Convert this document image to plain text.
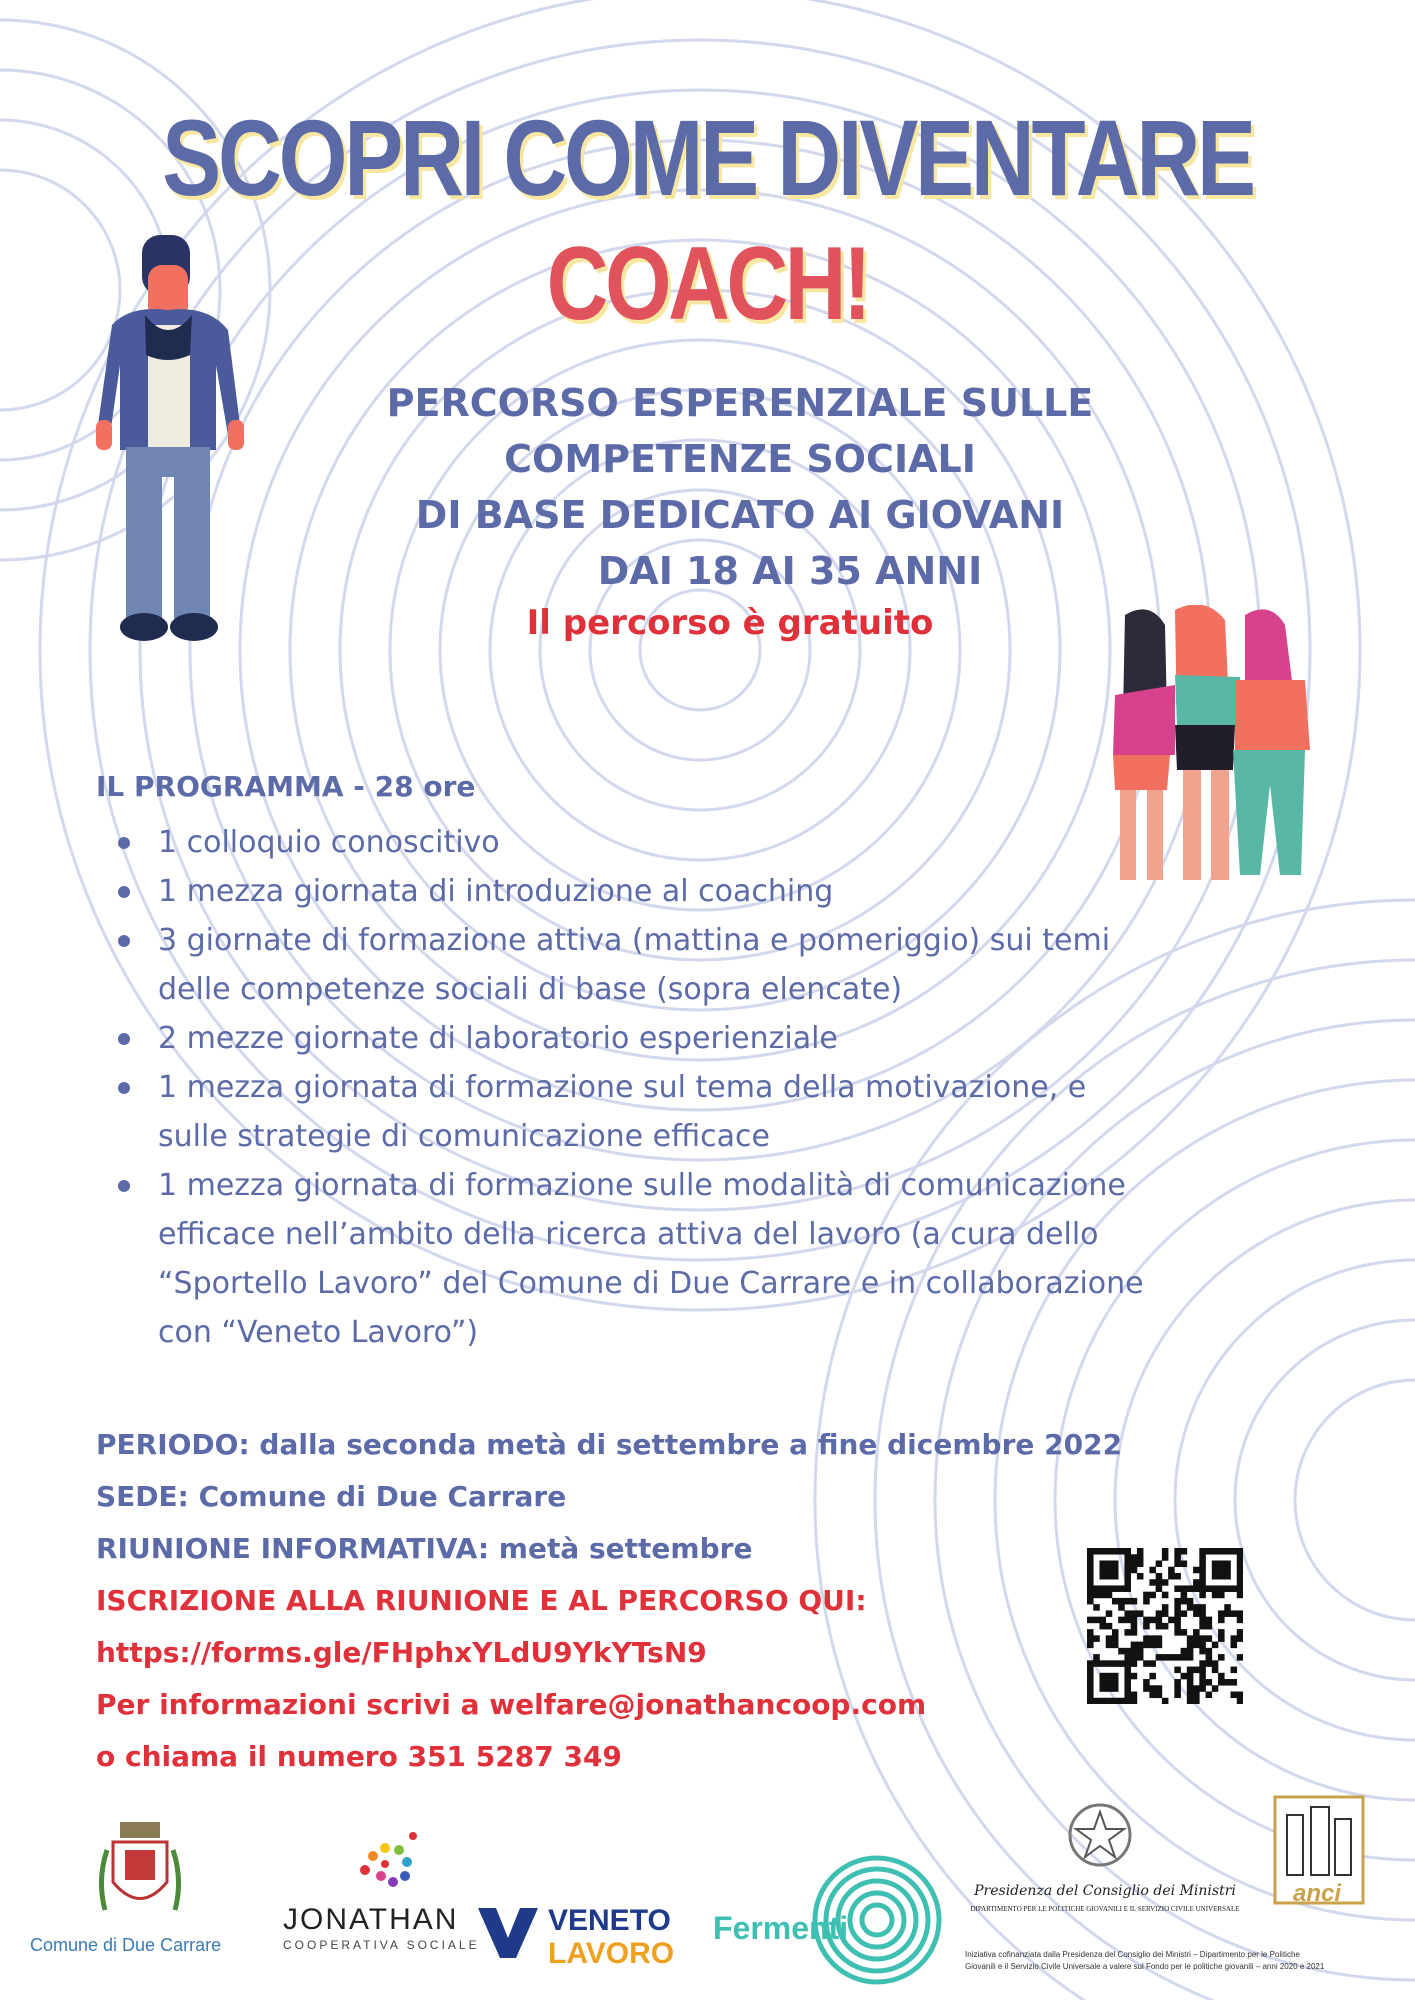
SCOPRI COME DIVENTARE
COACH!

PERCORSO ESPERENZIALE SULLE

COMPETENZE SOCIALI

DI BASE DEDICATO AI GIOVANI

DAI 18 AI 35 ANNI

Il percorso è gratuito

IL PROGRAMMA - 28 ore

1 colloquio conoscitivo
1 mezza giornata di introduzione al coaching
3 giornate di formazione attiva (mattina e pomeriggio) sui temi
delle competenze sociali di base (sopra elencate)
2 mezze giornate di laboratorio esperienziale
1 mezza giornata di formazione sul tema della motivazione, e
sulle strategie di comunicazione efficace
1 mezza giornata di formazione sulle modalità di comunicazione
efficace nell’ambito della ricerca attiva del lavoro (a cura dello
“Sportello Lavoro” del Comune di Due Carrare e in collaborazione
con “Veneto Lavoro”)

PERIODO: dalla seconda metà di settembre a fine dicembre 2022

SEDE: Comune di Due Carrare

RIUNIONE INFORMATIVA: metà settembre

ISCRIZIONE ALLA RIUNIONE E AL PERCORSO QUI:

https://forms.gle/FHphxYLdU9YkYTsN9

Per informazioni scrivi a welfare@jonathancoop.com

o chiama il numero 351 5287 349

Comune di Due Carrare

JONATHAN

COOPERATIVA SOCIALE

VENETO

LAVORO

Fermenti

Presidenza del Consiglio dei Ministri

DIPARTIMENTO PER LE POLITICHE GIOVANILI E IL SERVIZIO CIVILE UNIVERSALE

anci

Iniziativa cofinanziata dalla Presidenza del Consiglio dei Ministri – Dipartimento per le Politiche

Giovanili e il Servizio Civile Universale a valere sul Fondo per le politiche giovanili – anni 2020 e 2021
